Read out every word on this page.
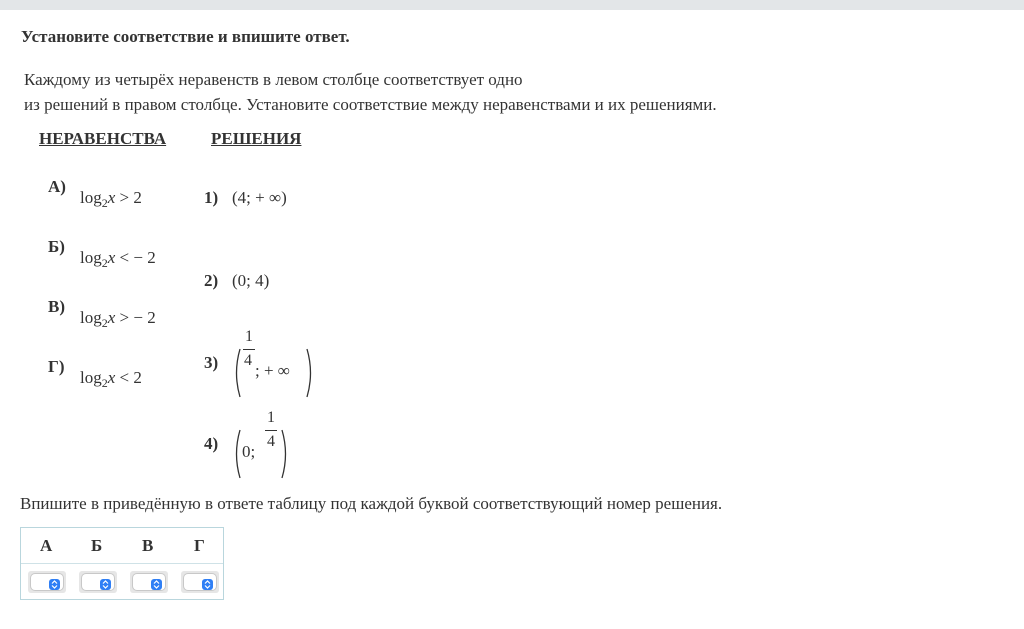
Установите соответствие и впишите ответ.
Каждому из четырёх неравенств в левом столбце соответствует одно
из решений в правом столбце. Установите соответствие между неравенствами и их решениями.
НЕРАВЕНСТВА	РЕШЕНИЯ
А)
$\log_2x > 2$
Б)
$\log_2x$ < − 2
В)
$\log_2x$ > − 2
Г)
$\log_2x < 2$
1) (4; + ∞)
2) (0; 4)
3)
1
4
; + ∞
4) 0;
1
4
Впишите в приведённую в ответе таблицу под каждой буквой соответствующий номер решения.
А Б В Г
